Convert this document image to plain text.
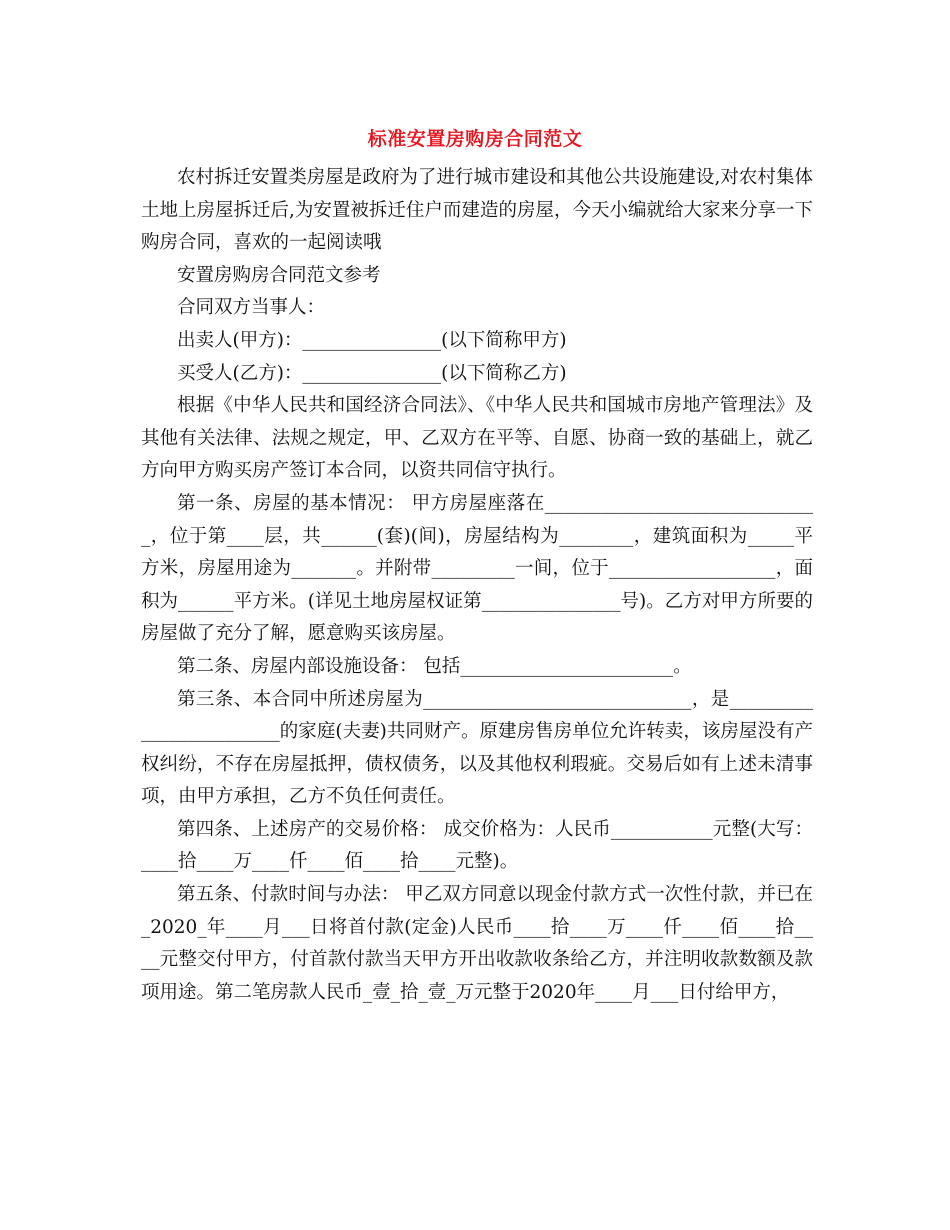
标准安置房购房合同范文

农村拆迁安置类房屋是政府为了进行城市建设和其他公共设施建设,对农村集体土地上房屋拆迁后,为安置被拆迁住户而建造的房屋，今天小编就给大家来分享一下购房合同，喜欢的一起阅读哦

安置房购房合同范文参考

合同双方当事人：

出卖人(甲方)：_______________(以下简称甲方)

买受人(乙方)：_______________(以下简称乙方)

根据《中华人民共和国经济合同法》、《中华人民共和国城市房地产管理法》及其他有关法律、法规之规定，甲、乙双方在平等、自愿、协商一致的基础上，就乙方向甲方购买房产签订本合同，以资共同信守执行。

第一条、房屋的基本情况： 甲方房屋座落在______________________________，位于第____层，共______(套)(间)，房屋结构为________，建筑面积为_____平方米，房屋用途为_______。并附带_________一间，位于__________________，面积为______平方米。(详见土地房屋权证第_______________号)。乙方对甲方所要的房屋做了充分了解，愿意购买该房屋。

第二条、房屋内部设施设备： 包括_______________________。

第三条、本合同中所述房屋为_____________________________，是________________________的家庭(夫妻)共同财产。原建房售房单位允许转卖，该房屋没有产权纠纷，不存在房屋抵押，债权债务，以及其他权利瑕疵。交易后如有上述未清事项，由甲方承担，乙方不负任何责任。

第四条、上述房产的交易价格： 成交价格为：人民币___________元整(大写：____拾____万____仟____佰____拾____元整)。

第五条、付款时间与办法： 甲乙双方同意以现金付款方式一次性付款，并已在_2020_年____月___日将首付款(定金)人民币____拾____万____仟____佰____拾____元整交付甲方，付首款付款当天甲方开出收款收条给乙方，并注明收款数额及款项用途。第二笔房款人民币_壹_拾_壹_万元整于2020年____月___日付给甲方，
